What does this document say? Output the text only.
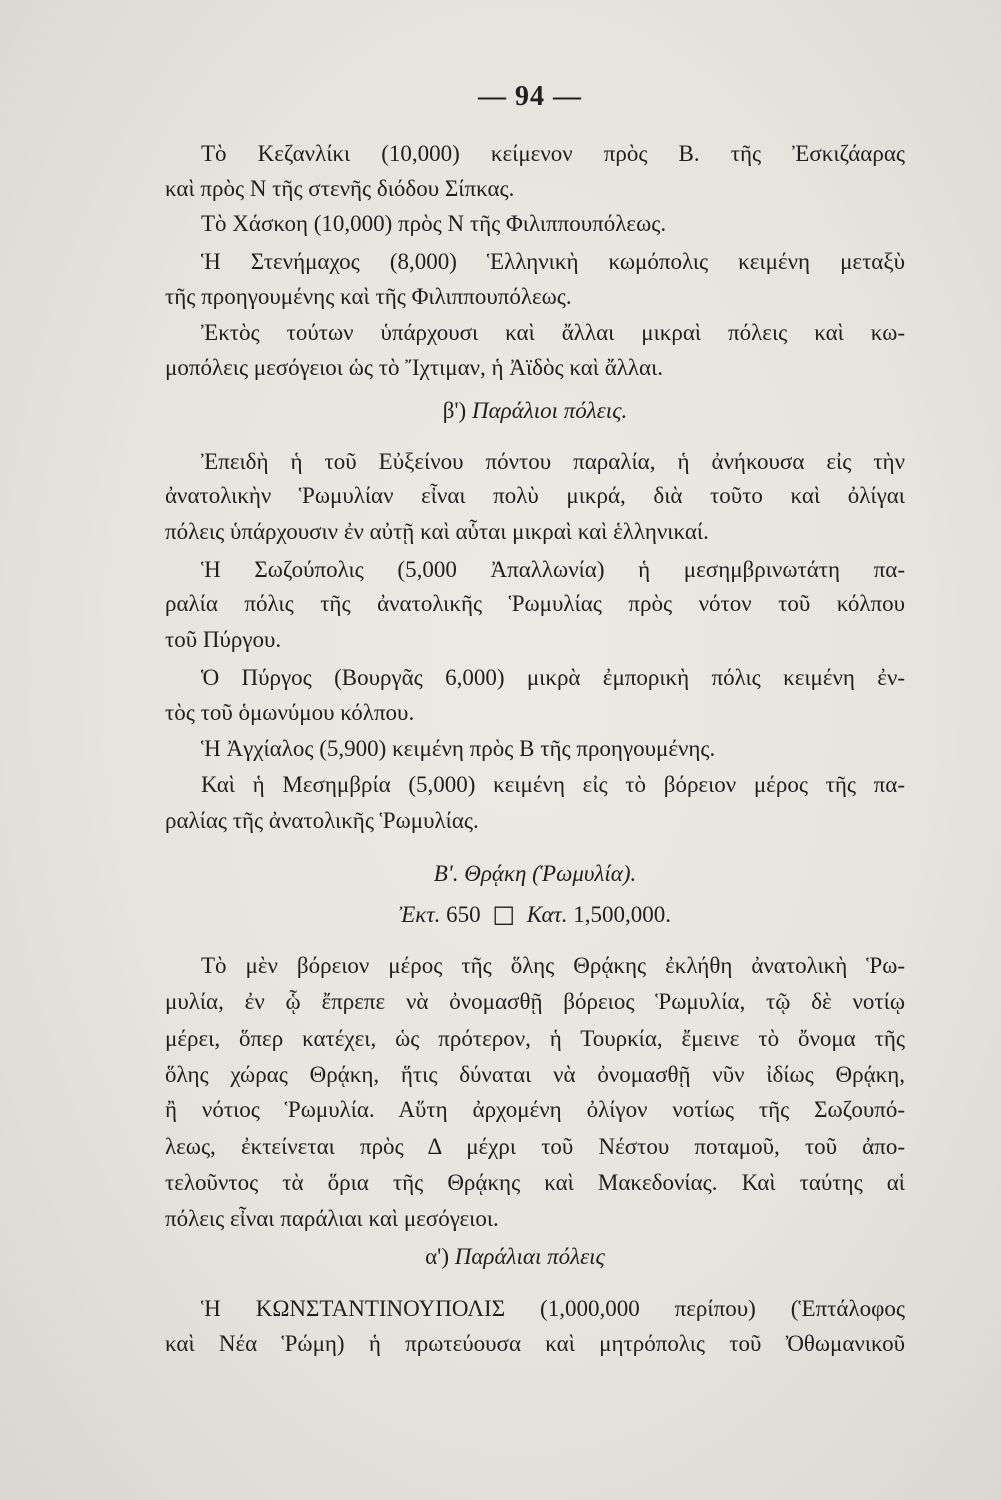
— 94 —
Τὸ Κεζανλίκι (10,000) κείμενον πρὸς Β. τῆς Ἐσκιζάαρας
καὶ πρὸς Ν τῆς στενῆς διόδου Σίπκας.
Τὸ Χάσκοη (10,000) πρὸς Ν τῆς Φιλιππουπόλεως.
Ἡ Στενήμαχος (8,000) Ἑλληνικὴ κωμόπολις κειμένη μεταξὺ
τῆς προηγουμένης καὶ τῆς Φιλιππουπόλεως.
Ἐκτὸς τούτων ὑπάρχουσι καὶ ἄλλαι μικραὶ πόλεις καὶ κω-
μοπόλεις μεσόγειοι ὡς τὸ Ἴχτιμαν, ἡ Ἀϊδὸς καὶ ἄλλαι.
β') Παράλιοι πόλεις.
Ἐπειδὴ ἡ τοῦ Εὐξείνου πόντου παραλία, ἡ ἀνήκουσα εἰς τὴν
ἀνατολικὴν Ῥωμυλίαν εἶναι πολὺ μικρά, διὰ τοῦτο καὶ ὀλίγαι
πόλεις ὑπάρχουσιν ἐν αὐτῇ καὶ αὗται μικραὶ καὶ ἑλληνικαί.
Ἡ Σωζούπολις (5,000 Ἀπαλλωνία) ἡ μεσημβρινωτάτη πα-
ραλία πόλις τῆς ἀνατολικῆς Ῥωμυλίας πρὸς νότον τοῦ κόλπου
τοῦ Πύργου.
Ὁ Πύργος (Βουργᾶς 6,000) μικρὰ ἐμπορικὴ πόλις κειμένη ἐν-
τὸς τοῦ ὁμωνύμου κόλπου.
Ἡ Ἀγχίαλος (5,900) κειμένη πρὸς Β τῆς προηγουμένης.
Καὶ ἡ Μεσημβρία (5,000) κειμένη εἰς τὸ βόρειον μέρος τῆς πα-
ραλίας τῆς ἀνατολικῆς Ῥωμυλίας.
Β'. Θρᾴκη (Ῥωμυλία).
Ἐκτ. 650 □ Κατ. 1,500,000.
Τὸ μὲν βόρειον μέρος τῆς ὅλης Θρᾴκης ἐκλήθη ἀνατολικὴ Ῥω-
μυλία, ἐν ᾧ ἔπρεπε νὰ ὀνομασθῇ βόρειος Ῥωμυλία, τῷ δὲ νοτίῳ
μέρει, ὅπερ κατέχει, ὡς πρότερον, ἡ Τουρκία, ἔμεινε τὸ ὄνομα τῆς
ὅλης χώρας Θρᾴκη, ἥτις δύναται νὰ ὀνομασθῇ νῦν ἰδίως Θρᾴκη,
ἢ νότιος Ῥωμυλία. Αὕτη ἀρχομένη ὀλίγον νοτίως τῆς Σωζουπό-
λεως, ἐκτείνεται πρὸς Δ μέχρι τοῦ Νέστου ποταμοῦ, τοῦ ἀπο-
τελοῦντος τὰ ὅρια τῆς Θρᾴκης καὶ Μακεδονίας. Καὶ ταύτης αἱ
πόλεις εἶναι παράλιαι καὶ μεσόγειοι.
α') Παράλιαι πόλεις
Ἡ ΚΩΝΣΤΑΝΤΙΝΟΥΠΟΛΙΣ (1,000,000 περίπου) (Ἑπτάλοφος
καὶ Νέα Ῥώμη) ἡ πρωτεύουσα καὶ μητρόπολις τοῦ Ὀθωμανικοῦ
